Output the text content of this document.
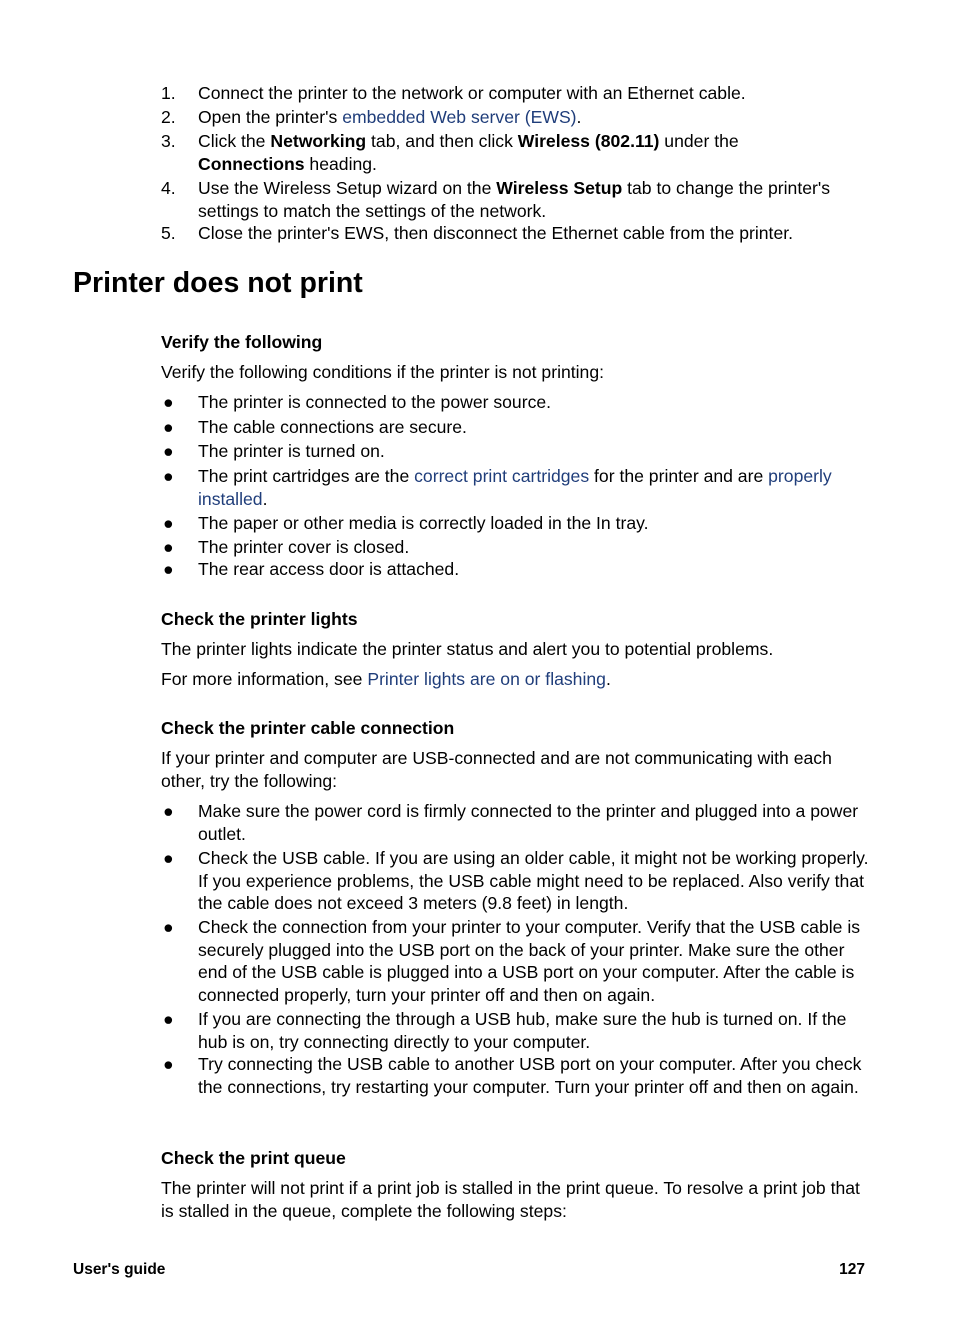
1. Connect the printer to the network or computer with an Ethernet cable.
2. Open the printer's embedded Web server (EWS).
3. Click the Networking tab, and then click Wireless (802.11) under the
Connections heading.
4. Use the Wireless Setup wizard on the Wireless Setup tab to change the printer's settings to match the settings of the network.
5. Close the printer's EWS, then disconnect the Ethernet cable from the printer.
Printer does not print
Verify the following

Verify the following conditions if the printer is not printing:

● The printer is connected to the power source.
● The cable connections are secure.
● The printer is turned on.
● The print cartridges are the correct print cartridges for the printer and are properly
installed.
● The paper or other media is correctly loaded in the In tray.
● The printer cover is closed.
● The rear access door is attached.
Check the printer lights

The printer lights indicate the printer status and alert you to potential problems.

For more information, see Printer lights are on or flashing.

Check the printer cable connection

If your printer and computer are USB-connected and are not communicating with each other, try the following:

● Make sure the power cord is firmly connected to the printer and plugged into a power outlet.
● Check the USB cable. If you are using an older cable, it might not be working properly. If you experience problems, the USB cable might need to be replaced. Also verify that the cable does not exceed 3 meters (9.8 feet) in length.
● Check the connection from your printer to your computer. Verify that the USB cable is securely plugged into the USB port on the back of your printer. Make sure the other end of the USB cable is plugged into a USB port on your computer. After the cable is connected properly, turn your printer off and then on again.
● If you are connecting the through a USB hub, make sure the hub is turned on. If the hub is on, try connecting directly to your computer.
● Try connecting the USB cable to another USB port on your computer. After you check the connections, try restarting your computer. Turn your printer off and then on again.
Check the print queue

The printer will not print if a print job is stalled in the print queue. To resolve a print job that is stalled in the queue, complete the following steps:

User's guide	127
